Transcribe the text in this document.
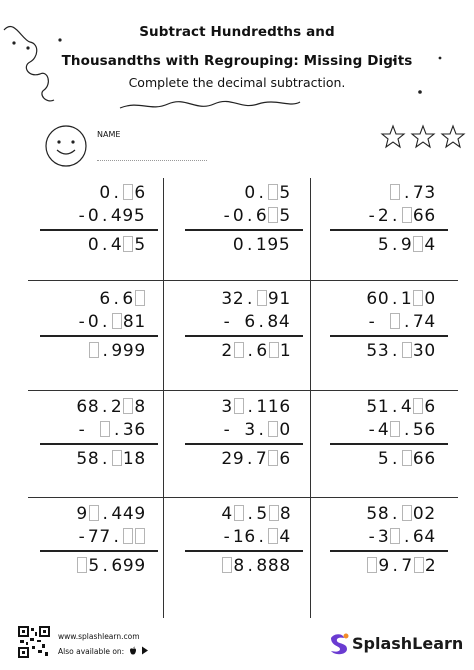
Subtract Hundredths and
Thousandths with Regrouping: Missing Digits
Complete the decimal subtraction.
NAME
0 . 6
- 0 . 495
0 . 4 5
0 . 5
- 0 . 6 5
0 . 195
. 73
- 2 . 66
5 . 9 4
6 . 6
- 0 . 81
. 999
32 . 91
- 6 . 84
2 . 6 1
60 . 1 0
- . 74
53 . 30
68 . 2 8
- . 36
58 . 18
3 . 116
- 3 . 0
29 . 7 6
51 . 4 6
- 4 . 56
5 . 66
9 . 449
- 77 .
5 . 699
4 . 5 8
- 16 . 4
8 . 888
58 . 02
- 3 . 64
9 . 7 2
www.splashlearn.com
Also available on:	SplashLearn
